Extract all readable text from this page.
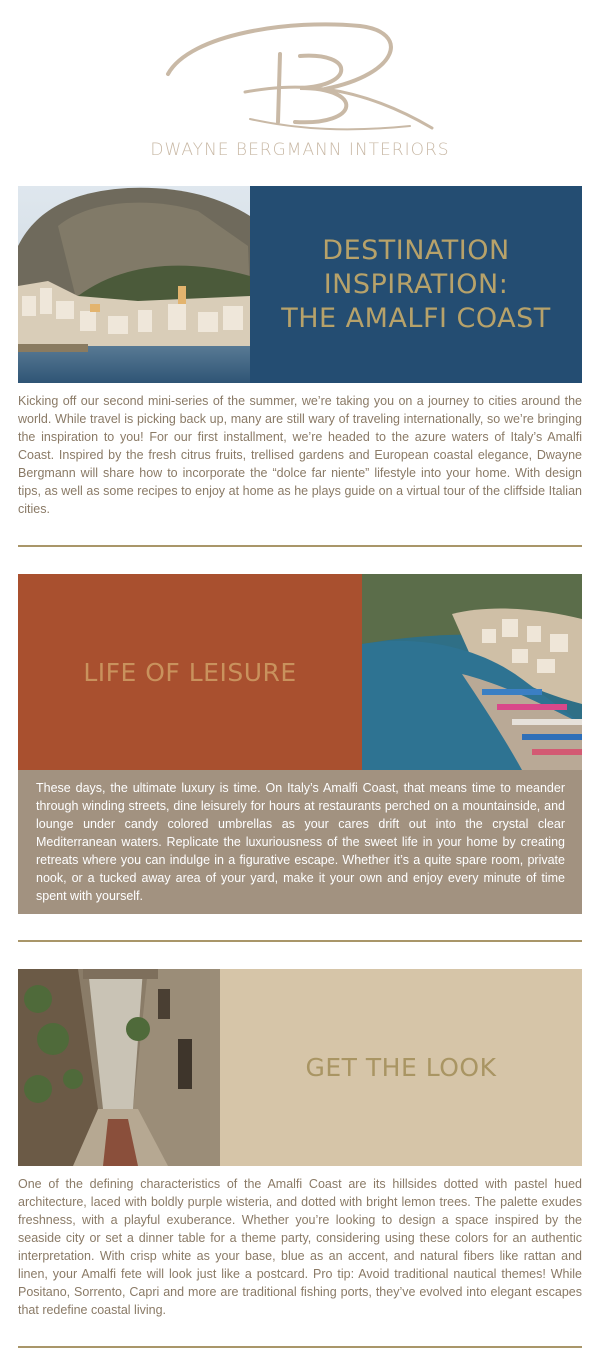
DWAYNE BERGMANN INTERIORS
DESTINATION
INSPIRATION:
THE AMALFI COAST
Kicking off our second mini-series of the summer, we’re taking you on a journey to cities around the world. While travel is picking back up, many are still wary of traveling internationally, so we’re bringing the inspiration to you! For our first installment, we’re headed to the azure waters of Italy’s Amalfi Coast. Inspired by the fresh citrus fruits, trellised gardens and European coastal elegance, Dwayne Bergmann will share how to incorporate the “dolce far niente” lifestyle into your home. With design tips, as well as some recipes to enjoy at home as he plays guide on a virtual tour of the cliffside Italian cities.
LIFE OF LEISURE
These days, the ultimate luxury is time. On Italy’s Amalfi Coast, that means time to meander through winding streets, dine leisurely for hours at restaurants perched on a mountainside, and lounge under candy colored umbrellas as your cares drift out into the crystal clear Mediterranean waters. Replicate the luxuriousness of the sweet life in your home by creating retreats where you can indulge in a figurative escape. Whether it’s a quite spare room, private nook, or a tucked away area of your yard, make it your own and enjoy every minute of time spent with yourself.
GET THE LOOK
One of the defining characteristics of the Amalfi Coast are its hillsides dotted with pastel hued architecture, laced with boldly purple wisteria, and dotted with bright lemon trees. The palette exudes freshness, with a playful exuberance. Whether you’re looking to design a space inspired by the seaside city or set a dinner table for a theme party, considering using these colors for an authentic interpretation. With crisp white as your base, blue as an accent, and natural fibers like rattan and linen, your Amalfi fete will look just like a postcard. Pro tip: Avoid traditional nautical themes! While Positano, Sorrento, Capri and more are traditional fishing ports, they’ve evolved into elegant escapes that redefine coastal living.
